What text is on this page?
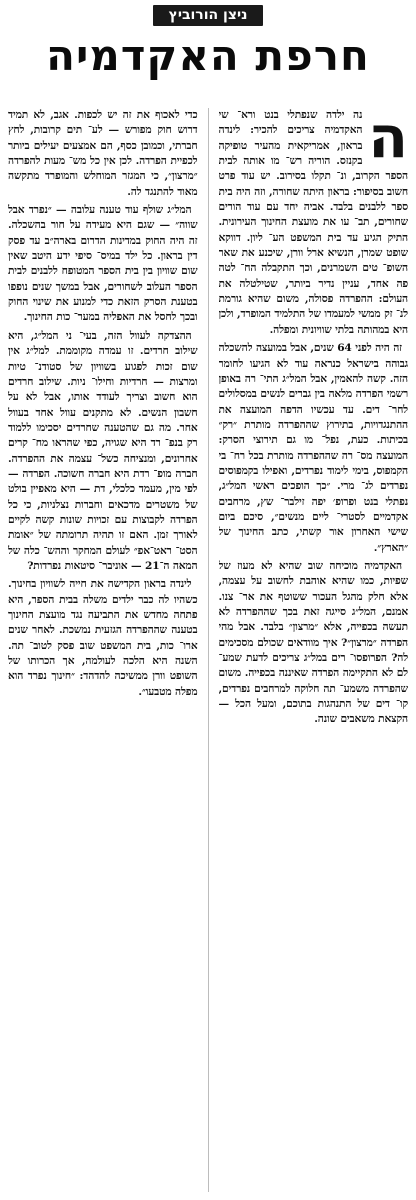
ניצן הורוביץ
חרפת האקדמיה
ה

נה ילדה שנפתלי בנט ורא־ שי האקדמיה צריכים להכיר: לינדה בראון, אמריקאית מהעיר טופיקה בקנזס. הוריה רש־ מו אותה לבית הספר הקרוב, ונ־ תקלו בסירוב. יש עוד פרט חשוב בסיפור: בראון היתה שחורה, וזה היה בית ספר ללבנים בלבד. אביה יחד עם עוד הורים שחורים, תב־ עו את מועצת החינוך העירונית. התיק הגיע עד בית המשפט הע־ ליון. דווקא שופט שמרן, הנשיא ארל וורן, שיכנע את שאר השופ־ טים השמרנים, וכך התקבלה הח־ לטה פה אחד, עניין נדיר ביותר, שטילטלה את העולם: ההפרדה פסולה, משום שהיא גורמת לנ־ זק ממשי למעמדו של התלמיד המופרד, ולכן היא במהותה בלתי שוויונית ומפלה.

זה היה לפני 64 שנים, אבל במועצה להשכלה גבוהה בישראל כנראה עוד לא הגיעו לחומר הזה. קשה להאמין, אבל המל״ג התי־ רה באופן רשמי הפרדה מלאה בין גברים לנשים במסלולים לחר־ דים. עד עכשיו הדפה המועצה את ההתנגדויות, בתירוץ שההפרדה מותרת ״רק״ בכיתות. כעת, נפל־ מו גם תירוצי הסרק: המועצה מס־ רה שההפרדה מותרת בכל רח־ בי הקמפוס, בימי לימוד נפרדים, ואפילו בקמפוסים נפרדים לג־ מרי. ״כך הופכים ראשי המל״ג, נפתלי בנט ופרופ׳ יפה זילבר־ שץ, מרחבים אקדמיים לסטרי־ ליים מנשים״, סיכם ביום שישי האחרון אור קשתי, כתב החינוך של ״הארץ״.

האקדמיה מוכיחה שוב שהיא לא מעוז של שפיות, כמו שהיא אוהבת לחשוב על עצמה, אלא חלק מהגל העכור ששוטף את אר־ צנו. אמנם, המל״ג סייגה זאת בכך שההפרדה לא תעשה בכפייה, אלא ״מרצון״ בלבד. אבל מהי הפרדה ״מרצון״? איך מוודאים שכולם מסכימים לה? הפרופסו־ רים במל״ג צריכים לדעת שמע־ לם לא התקיימה הפרדה שאיננה בכפייה. משום שהפרדה משמע־ תה חלוקה למרחבים נפרדים, קו־ דים של התנהגות בתוכם, ומעל הכל — הקצאת משאבים שונה.

כדי לאכוף את זה יש לכפות. אגב, לא תמיד דרוש חוק מפורש — לע־ תים קרובות, לחץ חברתי, וכמובן כסף, הם אמצעים יעילים ביותר לכפיית הפרדה. לכן אין כל מש־ מעות להפרדה ״מרצון״, כי המגזר המוחלש והמופרד מתקשה מאוד להתנגד לה.

המל״ג שולף עוד טענה עלובה — ״נפרד אבל שווה״ — שגם היא מעידה על חור בהשכלה. זה היה החוק במדינות הדרום בארה״ב עד פסק דין בראון. כל ילד במיס־ סיפי ידע היטב שאין שום שוויון בין בית הספר המטופח ללבנים לבית הספר העלוב לשחורים, אבל במשך שנים נופפו בטענת הסרק הזאת כדי למנוע את שינוי החוק ובכך לחסל את האפליה במער־ כות החינוך.

ההצדקה לעוול הזה, בעי־ ני המל״ג, היא שילוב חרדים. זו עמדה מקוממת. למל״ג אין שום זכות לפגוע בשוויון של סטודנ־ טיות ומרצות — חרדיות וחילו־ ניות. שילוב חרדים הוא חשוב וצריך לעודד אותו, אבל לא על חשבון הנשים. לא מתקנים עוול אחד בעוול אחר. מה גם שהטענה שחרדים יסכימו ללמוד רק בנפ־ רד היא שגויה, כפי שהראו מח־ קרים אחרונים, ומנציחה כשל־ עצמה את ההפרדה. חברה מופ־ רדת היא חברה חשוכה. הפרדה — לפי מין, מעמד כלכלי, דת — היא מאפיין בולט של משטרים מדכאים וחברות נצלניות, כי כל הפרדה לקבוצות עם זכויות שונות קשה לקיים לאורך זמן. האם זו תהיה תרומתה של ״אומת הסט־ ראט־אפ״ לעולם המחקר וההש־ כלה של המאה ה־21 — אוניבר־ סיטאות נפרדות?

לינדה בראון הקדישה את חייה לשוויון בחינוך. כשהיו לה כבר ילדים משלה בבית הספר, היא פתחה מחדש את התביעה נגד מועצת החינוך בטענה שההפרדה הגזעית נמשכת. לאחר שנים ארו־ כות, בית המשפט שוב פסק לטוב־ תה. השנה היא הלכה לעולמה, אך הכרותו של השופט וורן ממשיכה להדהד: ״חינוך נפרד הוא מפלה מטבעו״.
